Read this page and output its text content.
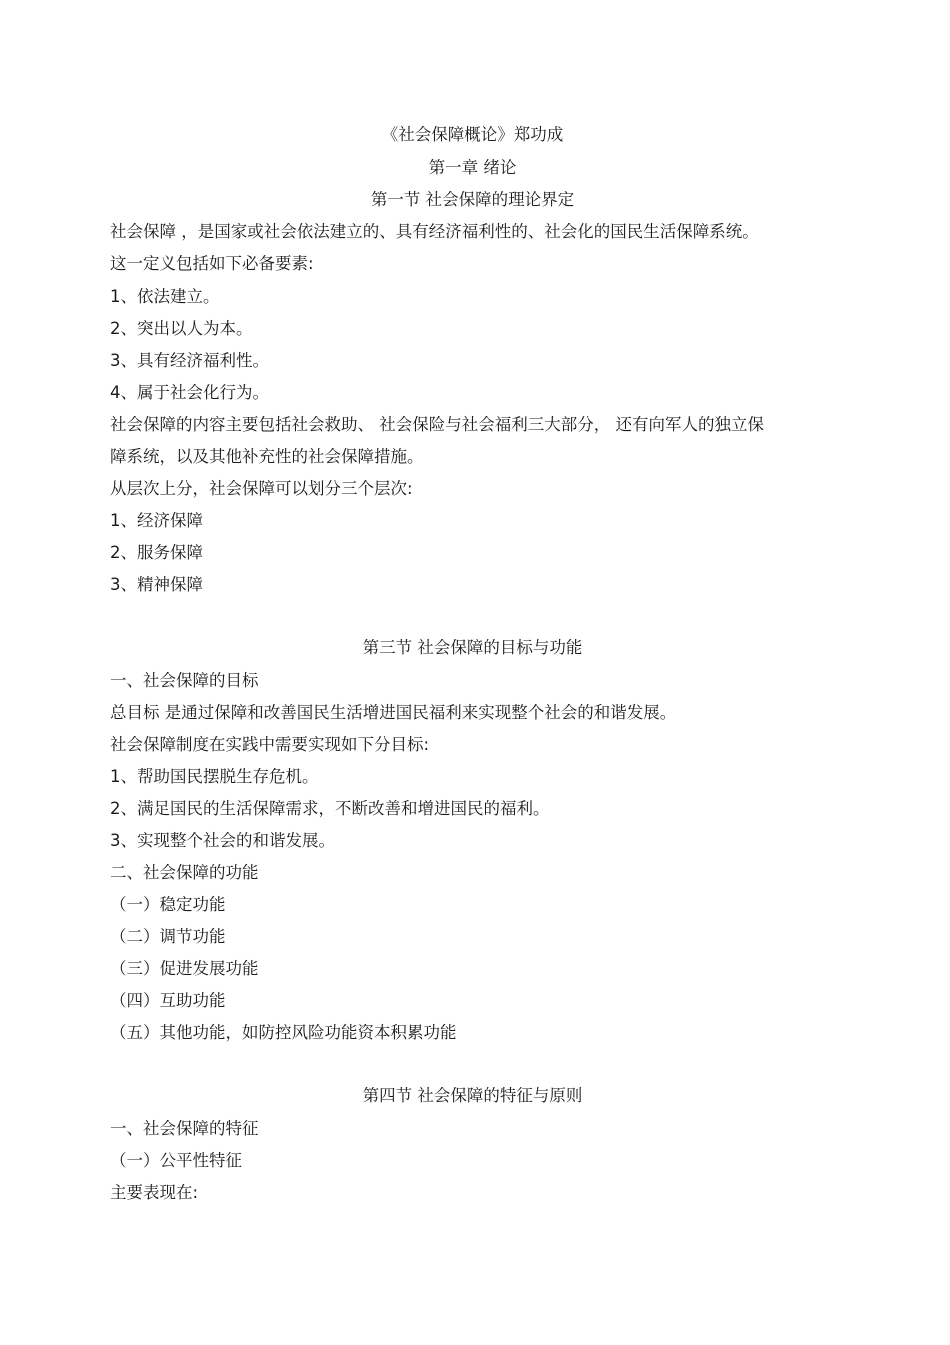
《社会保障概论》郑功成
第一章 绪论
第一节 社会保障的理论界定
社会保障 ，是国家或社会依法建立的、具有经济福利性的、社会化的国民生活保障系统。
这一定义包括如下必备要素:
1、依法建立。
2、突出以人为本。
3、具有经济福利性。
4、属于社会化行为。
社会保障的内容主要包括社会救助、 社会保险与社会福利三大部分， 还有向军人的独立保
障系统，以及其他补充性的社会保障措施。
从层次上分，社会保障可以划分三个层次:
1、经济保障
2、服务保障
3、精神保障
第三节 社会保障的目标与功能
一、社会保障的目标
总目标 是通过保障和改善国民生活增进国民福利来实现整个社会的和谐发展。
社会保障制度在实践中需要实现如下分目标:
1、帮助国民摆脱生存危机。
2、满足国民的生活保障需求，不断改善和增进国民的福利。
3、实现整个社会的和谐发展。
二、社会保障的功能
（一）稳定功能
（二）调节功能
（三）促进发展功能
（四）互助功能
（五）其他功能，如防控风险功能资本积累功能
第四节 社会保障的特征与原则
一、社会保障的特征
（一）公平性特征
主要表现在:
